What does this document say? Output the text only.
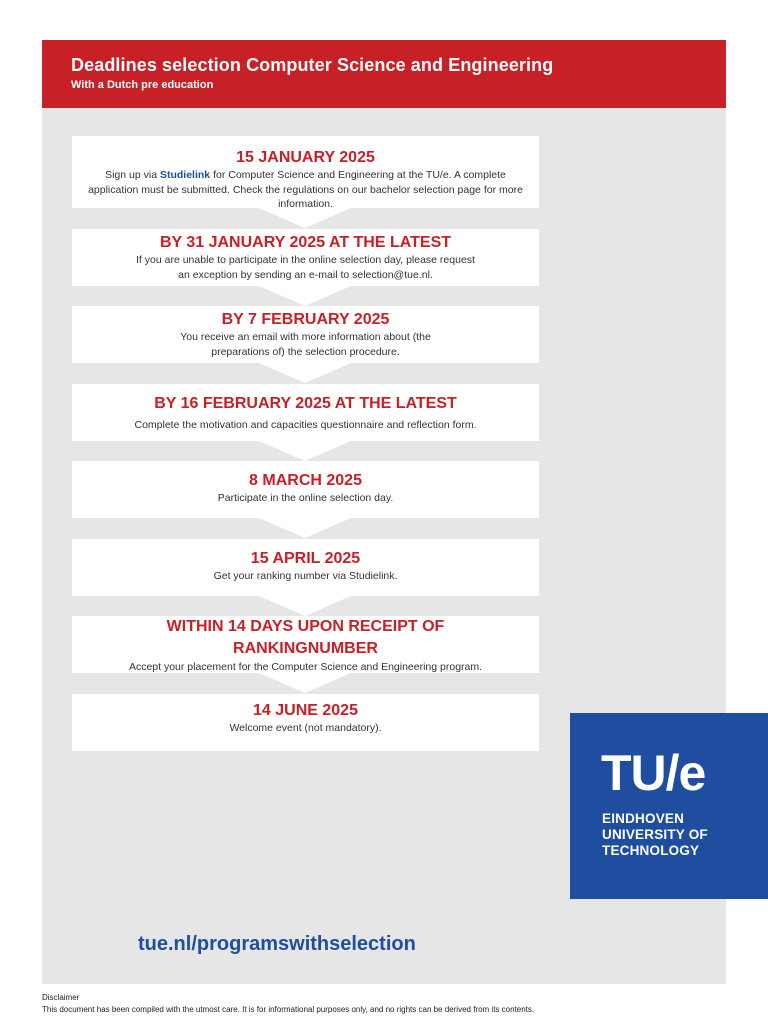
Deadlines selection Computer Science and Engineering
With a Dutch pre education
15 JANUARY 2025
Sign up via Studielink for Computer Science and Engineering at the TU/e. A complete application must be submitted. Check the regulations on our bachelor selection page for more information.
BY 31 JANUARY 2025 AT THE LATEST
If you are unable to participate in the online selection day, please request an exception by sending an e-mail to selection@tue.nl.
BY 7 FEBRUARY 2025
You receive an email with more information about (the preparations of) the selection procedure.
BY 16 FEBRUARY 2025 AT THE LATEST
Complete the motivation and capacities questionnaire and reflection form.
8 MARCH 2025
Participate in the online selection day.
15 APRIL 2025
Get your ranking number via Studielink.
WITHIN 14 DAYS UPON RECEIPT OF RANKINGNUMBER
Accept your placement for the Computer Science and Engineering program.
14 JUNE 2025
Welcome event (not mandatory).
TU/e
EINDHOVEN
UNIVERSITY OF
TECHNOLOGY
tue.nl/programswithselection
Disclaimer
This document has been compiled with the utmost care. It is for informational purposes only, and no rights can be derived from its contents.
